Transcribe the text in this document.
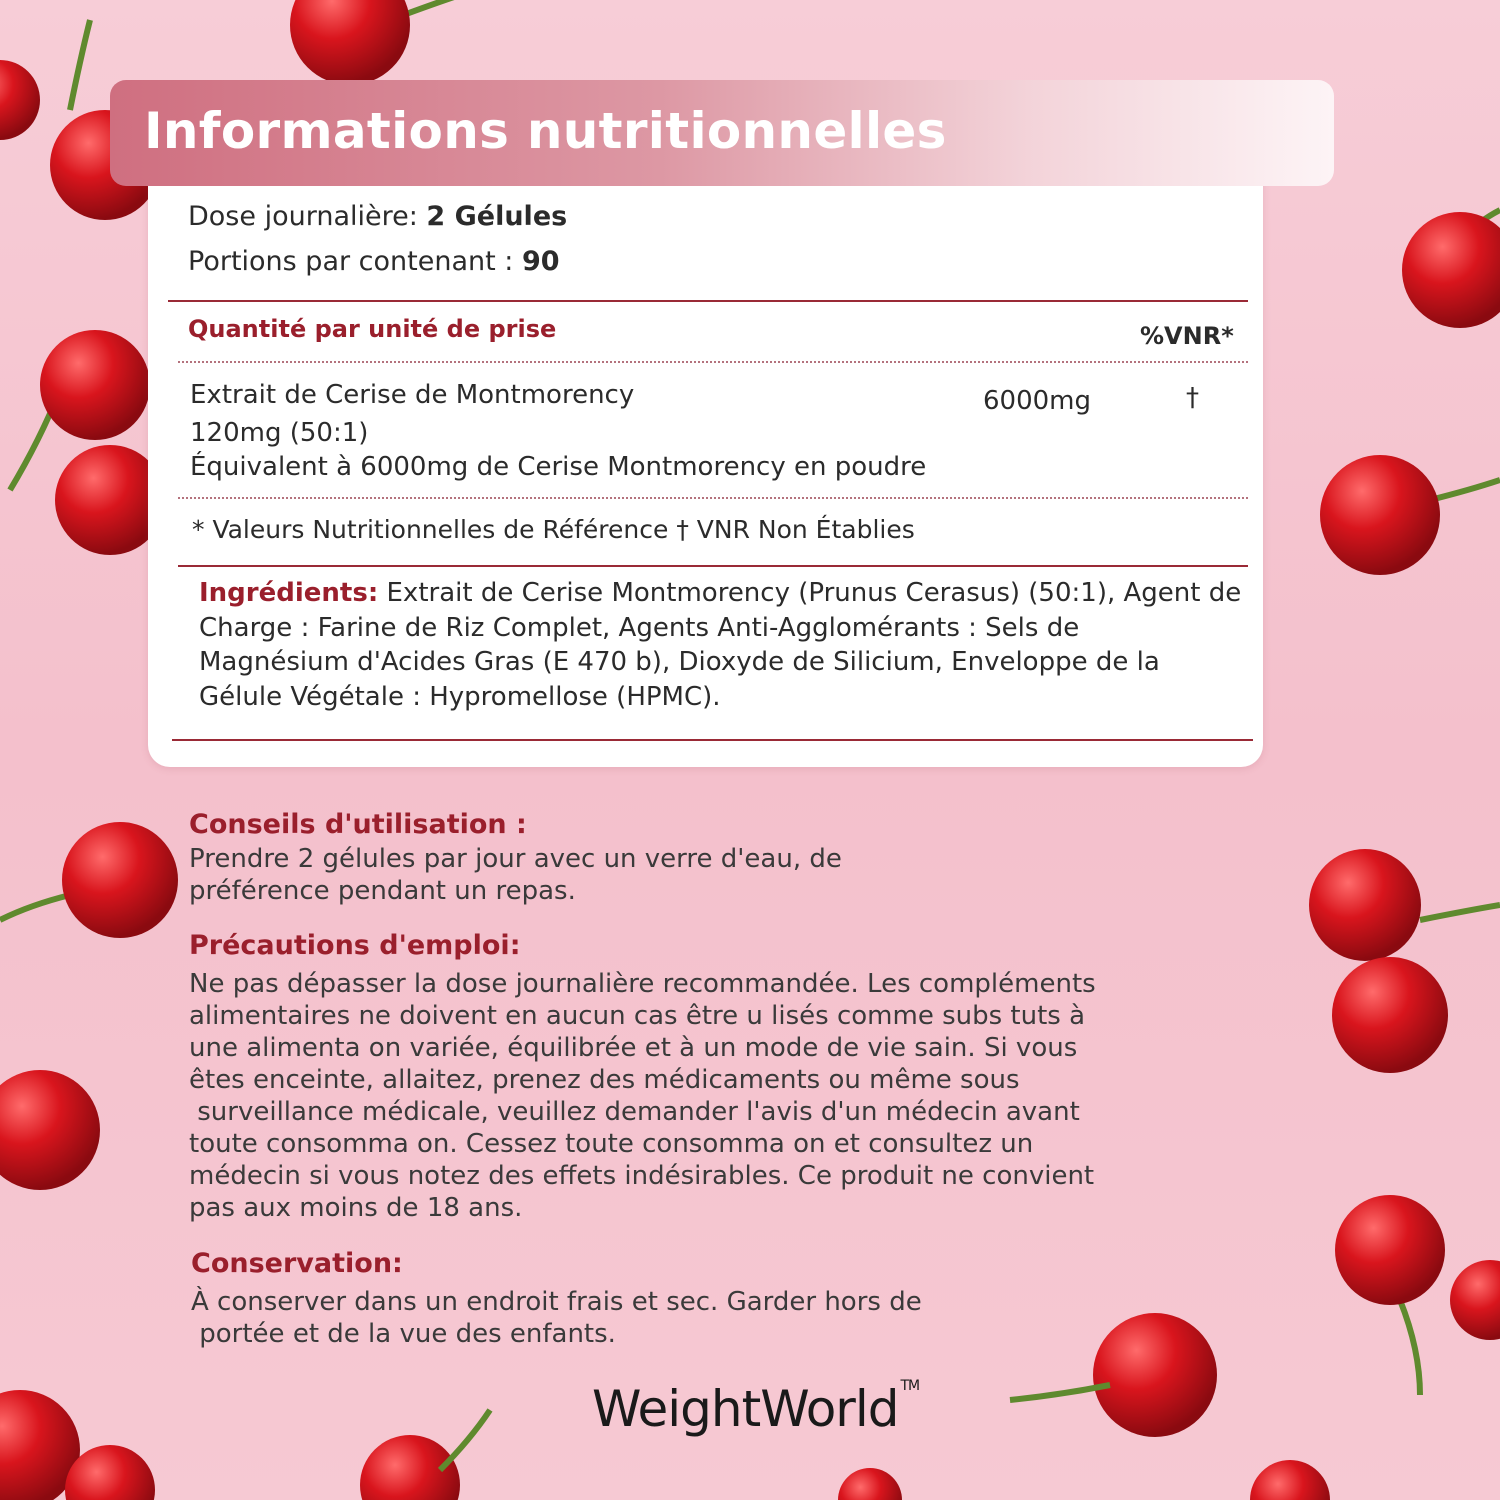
Informations nutritionnelles
Dose journalière: 2 Gélules
Portions par contenant : 90
Quantité par unité de prise	%VNR*
Extrait de Cerise de Montmorency
120mg (50:1)
Équivalent à 6000mg de Cerise Montmorency en poudre
6000mg	†
* Valeurs Nutritionnelles de Référence † VNR Non Établies
Ingrédients: Extrait de Cerise Montmorency (Prunus Cerasus) (50:1), Agent de
Charge : Farine de Riz Complet, Agents Anti-Agglomérants : Sels de
Magnésium d'Acides Gras (E 470 b), Dioxyde de Silicium, Enveloppe de la
Gélule Végétale : Hypromellose (HPMC).
Conseils d'utilisation :
Prendre 2 gélules par jour avec un verre d'eau, de
préférence pendant un repas.
Précautions d'emploi:
Ne pas dépasser la dose journalière recommandée. Les compléments
alimentaires ne doivent en aucun cas être u lisés comme subs tuts à
une alimenta on variée, équilibrée et à un mode de vie sain. Si vous
êtes enceinte, allaitez, prenez des médicaments ou même sous
surveillance médicale, veuillez demander l'avis d'un médecin avant
toute consomma on. Cessez toute consomma on et consultez un
médecin si vous notez des effets indésirables. Ce produit ne convient
pas aux moins de 18 ans.
Conservation:
À conserver dans un endroit frais et sec. Garder hors de
portée et de la vue des enfants.
WeightWorld ™
